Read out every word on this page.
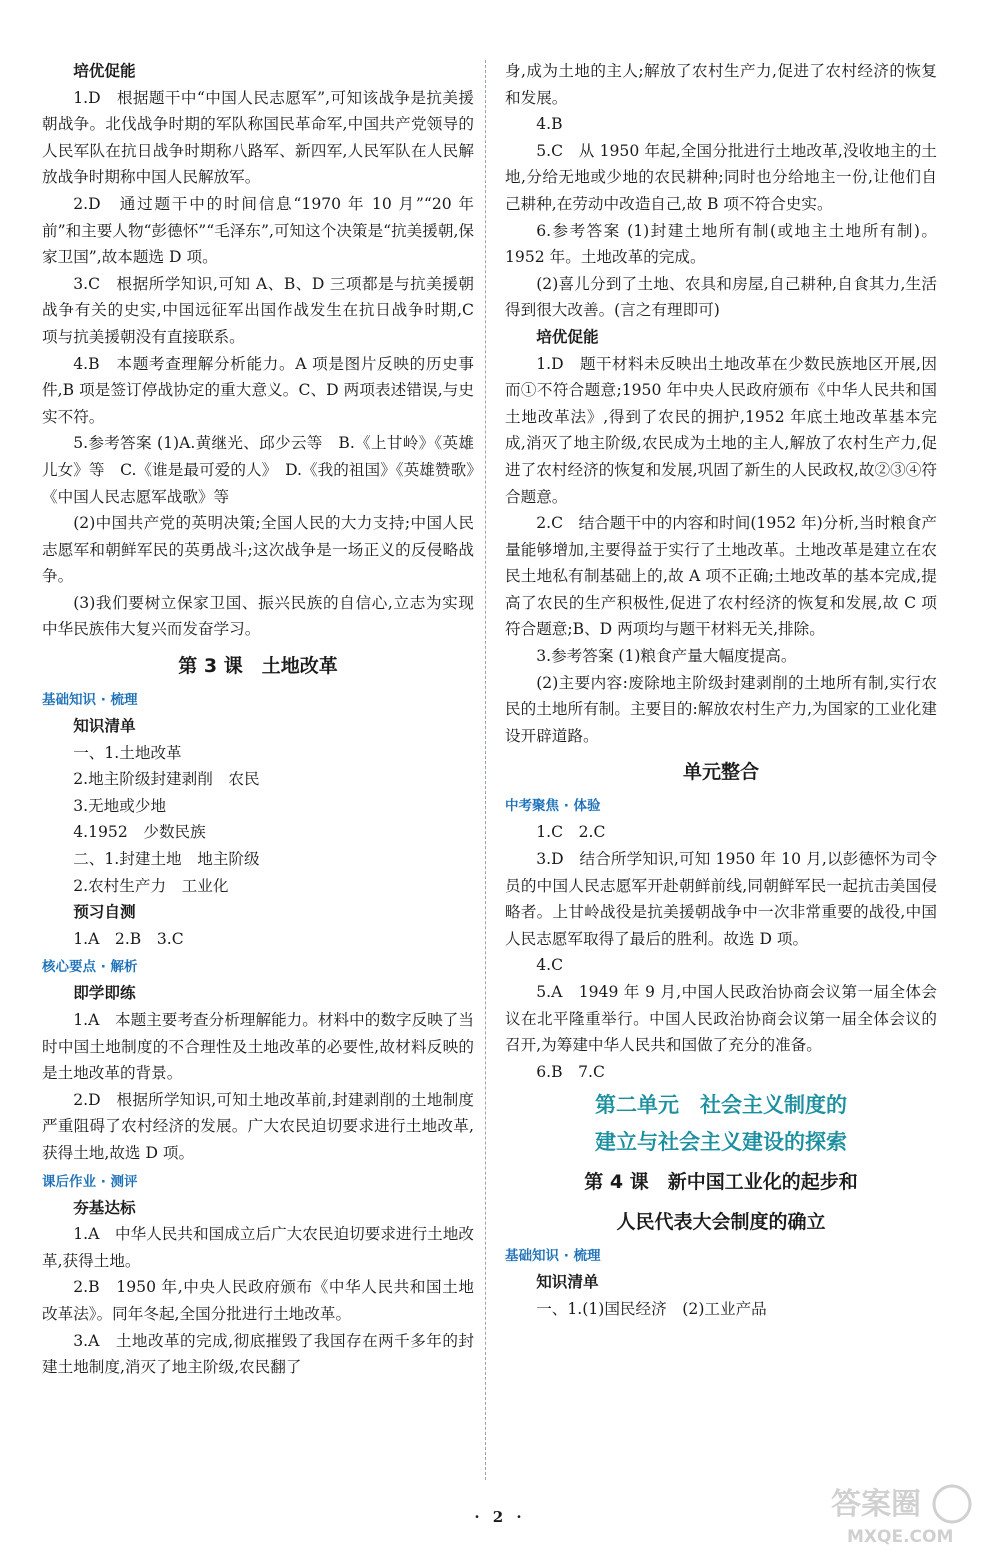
培优促能

1.D　根据题干中“中国人民志愿军”,可知该战争是抗美援朝战争。北伐战争时期的军队称国民革命军,中国共产党领导的人民军队在抗日战争时期称八路军、新四军,人民军队在人民解放战争时期称中国人民解放军。

2.D　通过题干中的时间信息“1970 年 10 月”“20 年前”和主要人物“彭德怀”“毛泽东”,可知这个决策是“抗美援朝,保家卫国”,故本题选 D 项。

3.C　根据所学知识,可知 A、B、D 三项都是与抗美援朝战争有关的史实,中国远征军出国作战发生在抗日战争时期,C 项与抗美援朝没有直接联系。

4.B　本题考查理解分析能力。A 项是图片反映的历史事件,B 项是签订停战协定的重大意义。C、D 两项表述错误,与史实不符。

5.参考答案 (1)A.黄继光、邱少云等　B.《上甘岭》《英雄儿女》等　C.《谁是最可爱的人》　D.《我的祖国》《英雄赞歌》《中国人民志愿军战歌》等

(2)中国共产党的英明决策;全国人民的大力支持;中国人民志愿军和朝鲜军民的英勇战斗;这次战争是一场正义的反侵略战争。

(3)我们要树立保家卫国、振兴民族的自信心,立志为实现中华民族伟大复兴而发奋学习。

第 3 课　土地改革
基础知识 · 梳理

知识清单

一、1.土地改革

2.地主阶级封建剥削　农民

3.无地或少地

4.1952　少数民族

二、1.封建土地　地主阶级

2.农村生产力　工业化

预习自测

1.A　2.B　3.C

核心要点 · 解析

即学即练

1.A　本题主要考查分析理解能力。材料中的数字反映了当时中国土地制度的不合理性及土地改革的必要性,故材料反映的是土地改革的背景。

2.D　根据所学知识,可知土地改革前,封建剥削的土地制度严重阻碍了农村经济的发展。广大农民迫切要求进行土地改革,获得土地,故选 D 项。

课后作业 · 测评

夯基达标

1.A　中华人民共和国成立后广大农民迫切要求进行土地改革,获得土地。

2.B　1950 年,中央人民政府颁布《中华人民共和国土地改革法》。同年冬起,全国分批进行土地改革。

3.A　土地改革的完成,彻底摧毁了我国存在两千多年的封建土地制度,消灭了地主阶级,农民翻了

身,成为土地的主人;解放了农村生产力,促进了农村经济的恢复和发展。

4.B

5.C　从 1950 年起,全国分批进行土地改革,没收地主的土地,分给无地或少地的农民耕种;同时也分给地主一份,让他们自己耕种,在劳动中改造自己,故 B 项不符合史实。

6.参考答案 (1)封建土地所有制(或地主土地所有制)。1952 年。土地改革的完成。

(2)喜儿分到了土地、农具和房屋,自己耕种,自食其力,生活得到很大改善。(言之有理即可)

培优促能

1.D　题干材料未反映出土地改革在少数民族地区开展,因而①不符合题意;1950 年中央人民政府颁布《中华人民共和国土地改革法》,得到了农民的拥护,1952 年底土地改革基本完成,消灭了地主阶级,农民成为土地的主人,解放了农村生产力,促进了农村经济的恢复和发展,巩固了新生的人民政权,故②③④符合题意。

2.C　结合题干中的内容和时间(1952 年)分析,当时粮食产量能够增加,主要得益于实行了土地改革。土地改革是建立在农民土地私有制基础上的,故 A 项不正确;土地改革的基本完成,提高了农民的生产积极性,促进了农村经济的恢复和发展,故 C 项符合题意;B、D 两项均与题干材料无关,排除。

3.参考答案 (1)粮食产量大幅度提高。

(2)主要内容:废除地主阶级封建剥削的土地所有制,实行农民的土地所有制。主要目的:解放农村生产力,为国家的工业化建设开辟道路。

单元整合
中考聚焦 · 体验

1.C　2.C

3.D　结合所学知识,可知 1950 年 10 月,以彭德怀为司令员的中国人民志愿军开赴朝鲜前线,同朝鲜军民一起抗击美国侵略者。上甘岭战役是抗美援朝战争中一次非常重要的战役,中国人民志愿军取得了最后的胜利。故选 D 项。

4.C

5.A　1949 年 9 月,中国人民政治协商会议第一届全体会议在北平隆重举行。中国人民政治协商会议第一届全体会议的召开,为筹建中华人民共和国做了充分的准备。

6.B　7.C

第二单元　社会主义制度的
建立与社会主义建设的探索
第 4 课　新中国工业化的起步和
人民代表大会制度的确立
基础知识 · 梳理

知识清单

一、1.(1)国民经济　(2)工业产品

· 2 ·	答案圈
MXQE.COM
